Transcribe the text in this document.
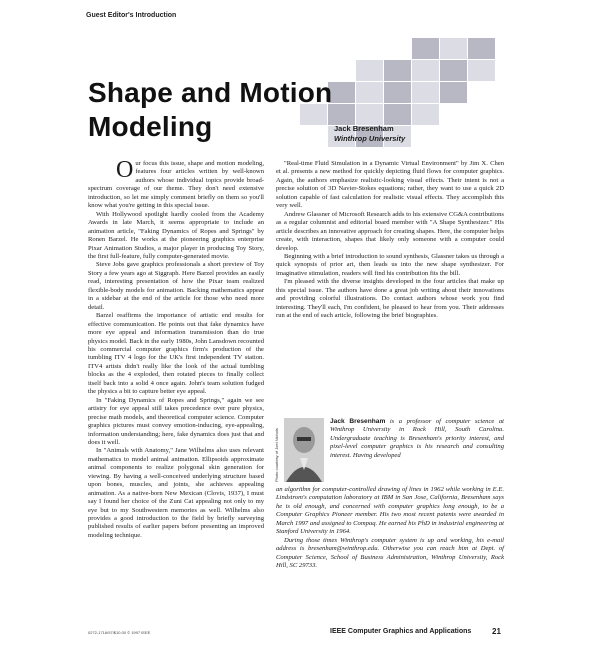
Guest Editor's Introduction
Shape and Motion
Modeling	Jack Bresenham
Winthrop University

Our focus this issue, shape and motion modeling, features four articles written by well-known authors whose individual topics provide broad-spectrum coverage of our theme. They don't need extensive introduction, so let me simply comment briefly on them so you'll know what you're getting in this special issue.

With Hollywood spotlight hardly cooled from the Academy Awards in late March, it seems appropriate to include an animation article, "Faking Dynamics of Ropes and Springs" by Ronen Barzel. He works at the pioneering graphics enterprise Pixar Animation Studios, a major player in producing Toy Story, the first full-feature, fully computer-generated movie.

Steve Jobs gave graphics professionals a short preview of Toy Story a few years ago at Siggraph. Here Barzel provides an easily read, interesting presentation of how the Pixar team realized flexible-body models for animation. Backing mathematics appear in a sidebar at the end of the article for those who need more detail.

Barzel reaffirms the importance of artistic end results for effective communication. He points out that fake dynamics have more eye appeal and information transmission than do true physics model. Back in the early 1980s, John Lansdown recounted his commercial computer graphics firm's production of the tumbling ITV 4 logo for the UK's first independent TV station. ITV4 artists didn't really like the look of the actual tumbling blocks as the 4 exploded, then rotated pieces to finally collect itself back into a solid 4 once again. John's team solution fudged the physics a bit to capture better eye appeal.

In "Faking Dynamics of Ropes and Springs," again we see artistry for eye appeal still takes precedence over pure physics, precise math models, and theoretical computer science. Computer graphics pictures must convey emotion-inducing, eye-appealing, information understanding; here, fake dynamics does just that and does it well.

In "Animals with Anatomy," Jane Wilhelms also uses relevant mathematics to model animal animation. Ellipsoids approximate animal components to realize polygonal skin generation for viewing. By having a well-conceived underlying structure based upon bones, muscles, and joints, she achieves appealing animation. As a native-born New Mexican (Clovis, 1937), I must say I found her choice of the Zuni Cat appealing not only to my eye but to my Southwestern memories as well. Wilhelms also provides a good introduction to the field by briefly surveying published results of earlier papers before presenting an improved modeling technique.

"Real-time Fluid Simulation in a Dynamic Virtual Environment" by Jim X. Chen et al. presents a new method for quickly depicting fluid flows for computer graphics. Again, the authors emphasize realistic-looking visual effects. Their intent is not a precise solution of 3D Navier-Stokes equations; rather, they want to use a quick 2D solution capable of fast calculation for realistic visual effects. They accomplish this very well.

Andrew Glassner of Microsoft Research adds to his extensive CG&A contributions as a regular columnist and editorial board member with "A Shape Synthesizer." His article describes an innovative approach for creating shapes. Here, the computer helps create, with interaction, shapes that likely only someone with a computer could develop.

Beginning with a brief introduction to sound synthesis, Glassner takes us through a quick synopsis of prior art, then leads us into the new shape synthesizer. For imaginative stimulation, readers will find his contribution fits the bill.

I'm pleased with the diverse insights developed in the four articles that make up this special issue. The authors have done a great job writing about their innovations and providing colorful illustrations. Do contact authors whose work you find interesting. They'll each, I'm confident, be pleased to hear from you. Their addresses run at the end of each article, following the brief biographies.

Photo courtesy of Joel Nichols
Jack Bresenham is a professor of computer science at Winthrop University in Rock Hill, South Carolina. Undergraduate teaching is Bresenham's priority interest, and pixel-level computer graphics is his research and consulting interest. Having developed

an algorithm for computer-controlled drawing of lines in 1962 while working in E.E. Lindstrom's computation laboratory at IBM in San Jose, California, Bresenham says he is old enough, and concerned with computer graphics long enough, to be a Computer Graphics Pioneer member. His two most recent patents were awarded in March 1997 and assigned to Compaq. He earned his PhD in industrial engineering at Stanford University in 1964.

During those times Winthrop's computer system is up and working, his e-mail address is bresenham@winthrop.edu. Otherwise you can reach him at Dept. of Computer Science, School of Business Administration, Winthrop University, Rock Hill, SC 29733.

0272-1716/97/$10.00 © 1997 IEEE	IEEE Computer Graphics and Applications	21
